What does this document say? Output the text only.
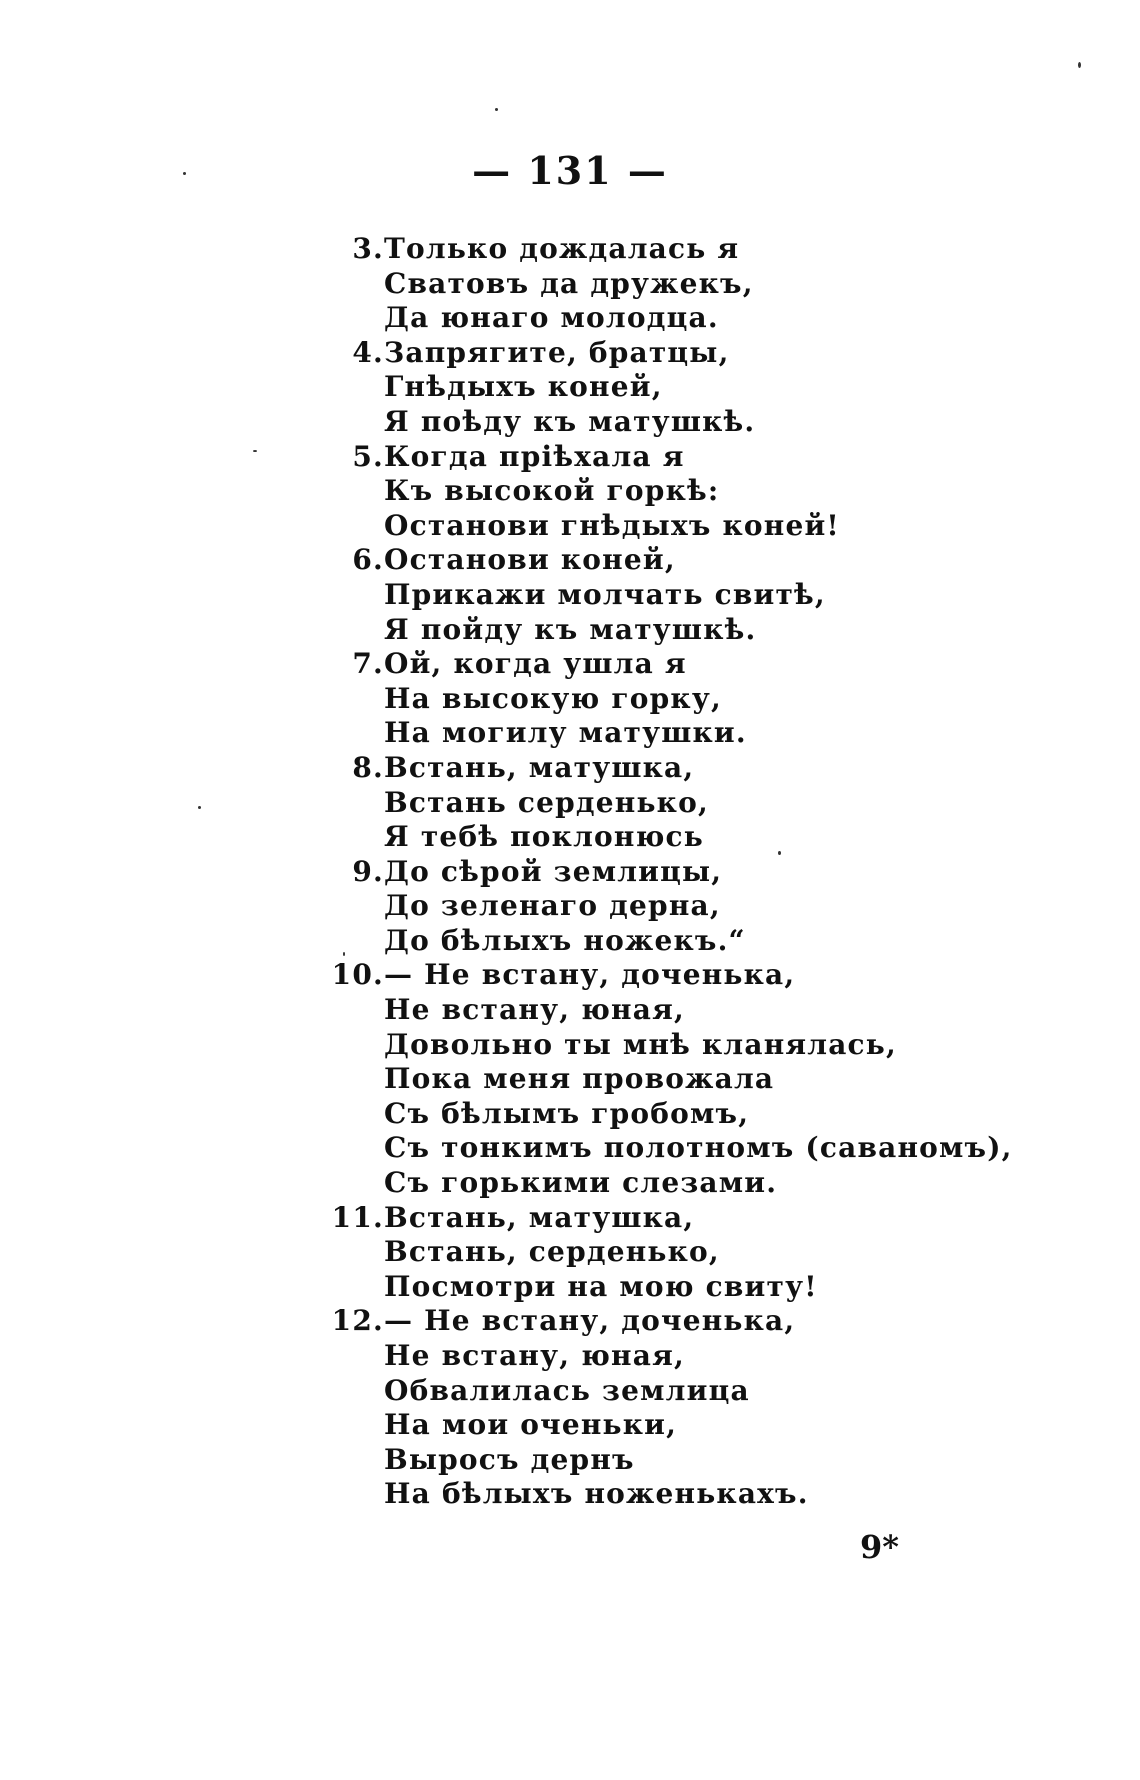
— 131 —
3. Только дождалась я
Сватовъ да дружекъ,
Да юнаго молодца.
4. Запрягите, братцы,
Гнѣдыхъ коней,
Я поѣду къ матушкѣ.
5. Когда пріѣхала я
Къ высокой горкѣ:
Останови гнѣдыхъ коней!
6. Останови коней,
Прикажи молчать свитѣ,
Я пойду къ матушкѣ.
7. Ой, когда ушла я
На высокую горку,
На могилу матушки.
8. Встань, матушка,
Встань серденько,
Я тебѣ поклонюсь
9. До сѣрой землицы,
До зеленаго дерна,
До бѣлыхъ ножекъ.“
10. — Не встану, доченька,
Не встану, юная,
Довольно ты мнѣ кланялась,
Пока меня провожала
Съ бѣлымъ гробомъ,
Съ тонкимъ полотномъ (саваномъ),
Съ горькими слезами.
11. Встань, матушка,
Встань, серденько,
Посмотри на мою свиту!
12. — Не встану, доченька,
Не встану, юная,
Обвалилась землица
На мои оченьки,
Выросъ дернъ
На бѣлыхъ ноженькахъ.
9*
